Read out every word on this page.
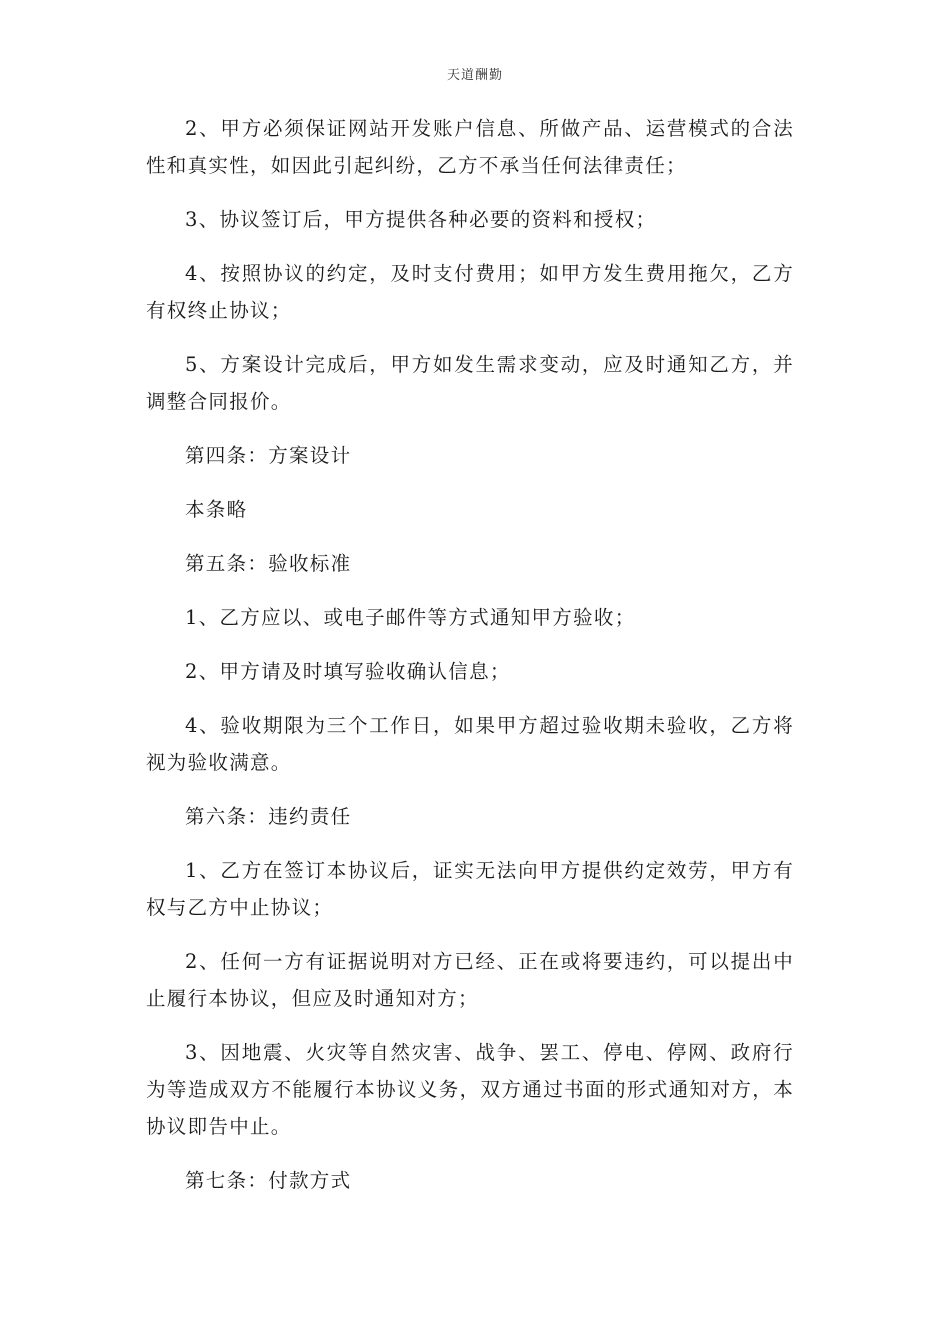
天道酬勤

2、甲方必须保证网站开发账户信息、所做产品、运营模式的合法性和真实性，如因此引起纠纷，乙方不承当任何法律责任；

3、协议签订后，甲方提供各种必要的资料和授权；

4、按照协议的约定，及时支付费用；如甲方发生费用拖欠，乙方有权终止协议；

5、方案设计完成后，甲方如发生需求变动，应及时通知乙方，并调整合同报价。

第四条：方案设计

本条略

第五条：验收标准

1、乙方应以、或电子邮件等方式通知甲方验收；

2、甲方请及时填写验收确认信息；

4、验收期限为三个工作日，如果甲方超过验收期未验收，乙方将视为验收满意。

第六条：违约责任

1、乙方在签订本协议后，证实无法向甲方提供约定效劳，甲方有权与乙方中止协议；

2、任何一方有证据说明对方已经、正在或将要违约，可以提出中止履行本协议，但应及时通知对方；

3、因地震、火灾等自然灾害、战争、罢工、停电、停网、政府行为等造成双方不能履行本协议义务，双方通过书面的形式通知对方，本协议即告中止。

第七条：付款方式
